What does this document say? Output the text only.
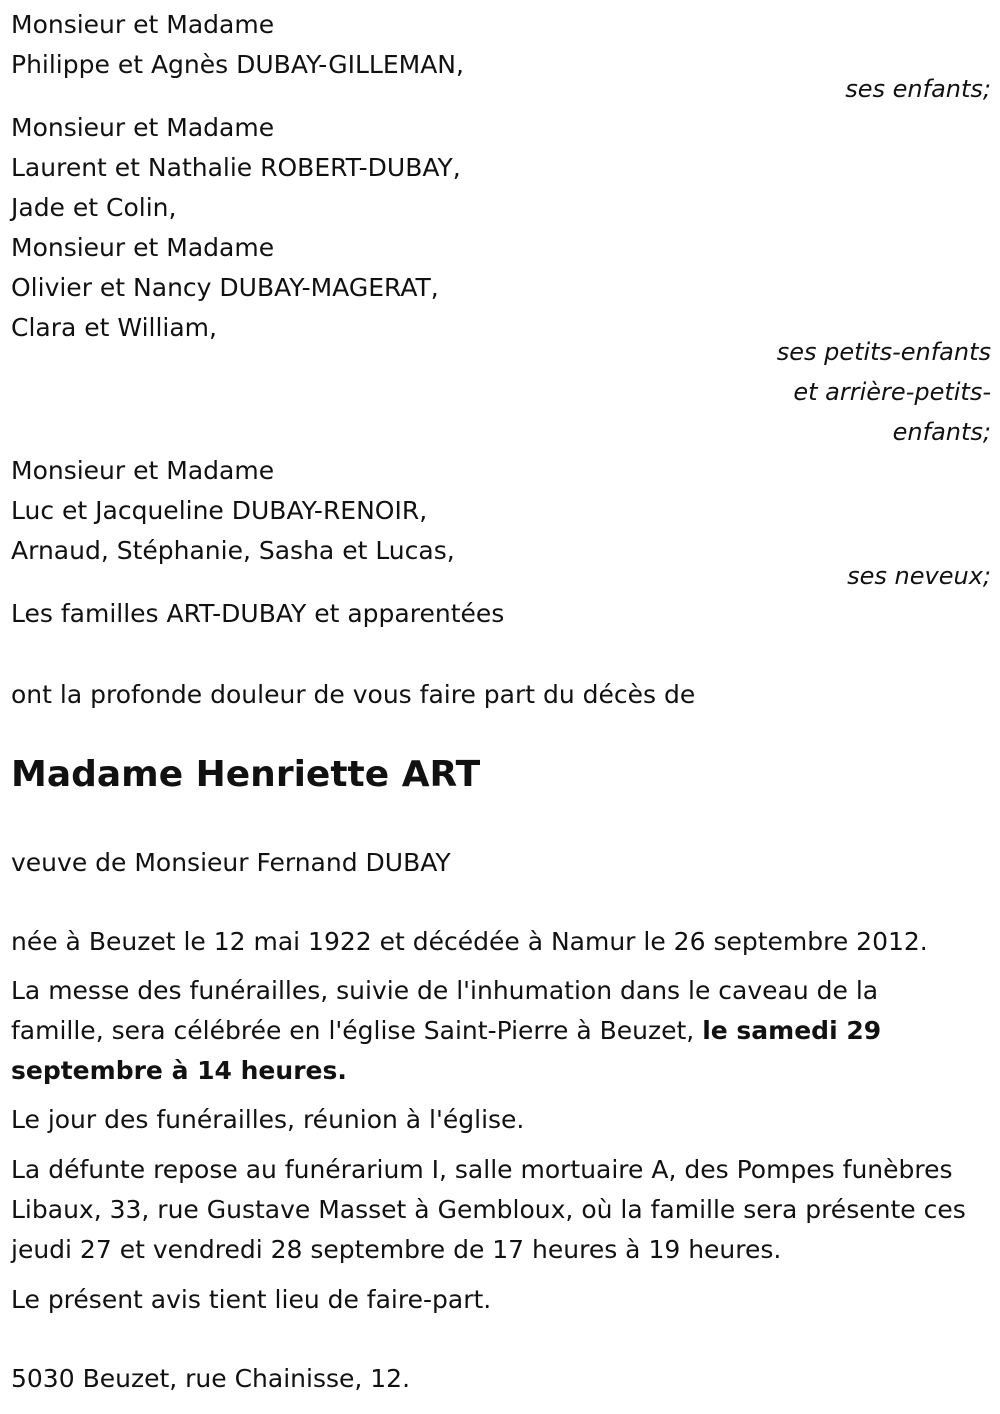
Monsieur et Madame

Philippe et Agnès DUBAY-GILLEMAN,

ses enfants;

Monsieur et Madame

Laurent et Nathalie ROBERT-DUBAY,

Jade et Colin,

Monsieur et Madame

Olivier et Nancy DUBAY-MAGERAT,

Clara et William,

ses petits-enfants

et arrière-petits-

enfants;

Monsieur et Madame

Luc et Jacqueline DUBAY-RENOIR,

Arnaud, Stéphanie, Sasha et Lucas,

ses neveux;

Les familles ART-DUBAY et apparentées

ont la profonde douleur de vous faire part du décès de

Madame Henriette ART

veuve de Monsieur Fernand DUBAY

née à Beuzet le 12 mai 1922 et décédée à Namur le 26 septembre 2012.

La messe des funérailles, suivie de l'inhumation dans le caveau de la famille, sera célébrée en l'église Saint-Pierre à Beuzet, le samedi 29 septembre à 14 heures.

Le jour des funérailles, réunion à l'église.

La défunte repose au funérarium I, salle mortuaire A, des Pompes funèbres Libaux, 33, rue Gustave Masset à Gembloux, où la famille sera présente ces jeudi 27 et vendredi 28 septembre de 17 heures à 19 heures.

Le présent avis tient lieu de faire-part.

5030 Beuzet, rue Chainisse, 12.
